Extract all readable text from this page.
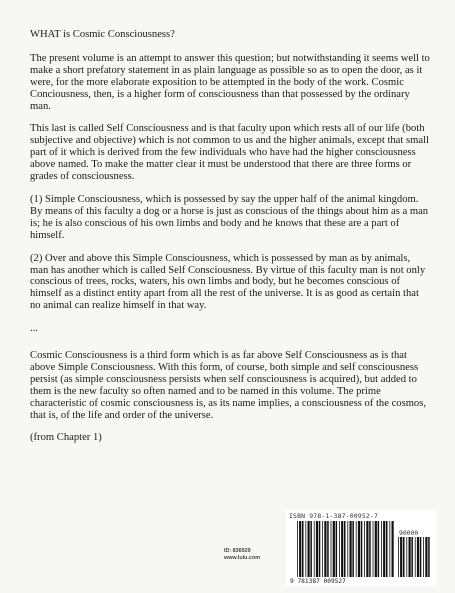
WHAT is Cosmic Consciousness?

The present volume is an attempt to answer this question; but notwithstanding it seems well to make a short prefatory statement in as plain language as possible so as to open the door, as it were, for the more elaborate exposition to be attempted in the body of the work. Cosmic Conciousness, then, is a higher form of consciousness than that possessed by the ordinary man.

This last is called Self Consciousness and is that faculty upon which rests all of our life (both subjective and objective) which is not common to us and the higher animals, except that small part of it which is derived from the few individuals who have had the higher consciousness above named. To make the matter clear it must be understood that there are three forms or grades of consciousness.

(1) Simple Consciousness, which is possessed by say the upper half of the animal kingdom. By means of this faculty a dog or a horse is just as conscious of the things about him as a man is; he is also conscious of his own limbs and body and he knows that these are a part of himself.

(2) Over and above this Simple Consciousness, which is possessed by man as by animals, man has another which is called Self Consciousness. By virtue of this faculty man is not only conscious of trees, rocks, waters, his own limbs and body, but he becomes conscious of himself as a distinct entity apart from all the rest of the universe. It is as good as certain that no animal can realize himself in that way.

...

Cosmic Consciousness is a third form which is as far above Self Consciousness as is that above Simple Consciousness. With this form, of course, both simple and self consciousness persist (as simple consciousness persists when self consciousness is acquired), but added to them is the new faculty so often named and to be named in this volume. The prime characteristic of cosmic consciousness is, as its name implies, a consciousness of the cosmos, that is, of the life and order of the universe.

(from Chapter 1)

ID: 836929
www.lulu.com
ISBN 978-1-387-00952-7
90000
9 781387 009527
